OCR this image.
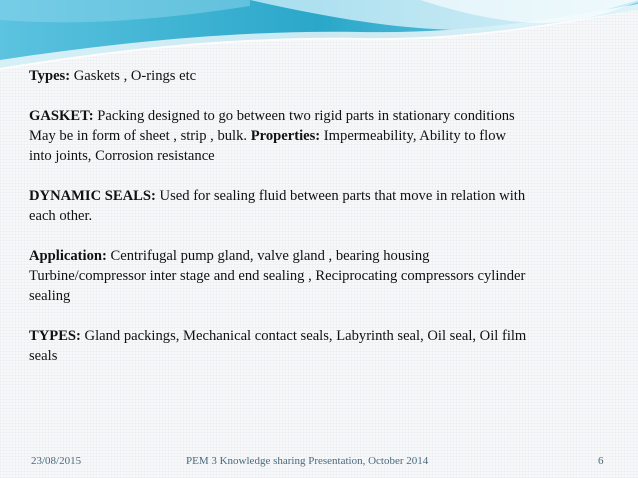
Types: Gaskets , O-rings etc

GASKET: Packing designed to go between two rigid parts in stationary conditions
May be in form of sheet , strip , bulk. Properties: Impermeability, Ability to flow
into joints, Corrosion resistance

DYNAMIC SEALS: Used for sealing fluid between parts that move in relation with
each other.

Application: Centrifugal pump gland, valve gland , bearing housing
Turbine/compressor inter stage and end sealing , Reciprocating compressors cylinder
sealing

TYPES: Gland packings, Mechanical contact seals, Labyrinth seal, Oil seal, Oil film
seals

23/08/2015	PEM 3 Knowledge sharing Presentation, October 2014	6
